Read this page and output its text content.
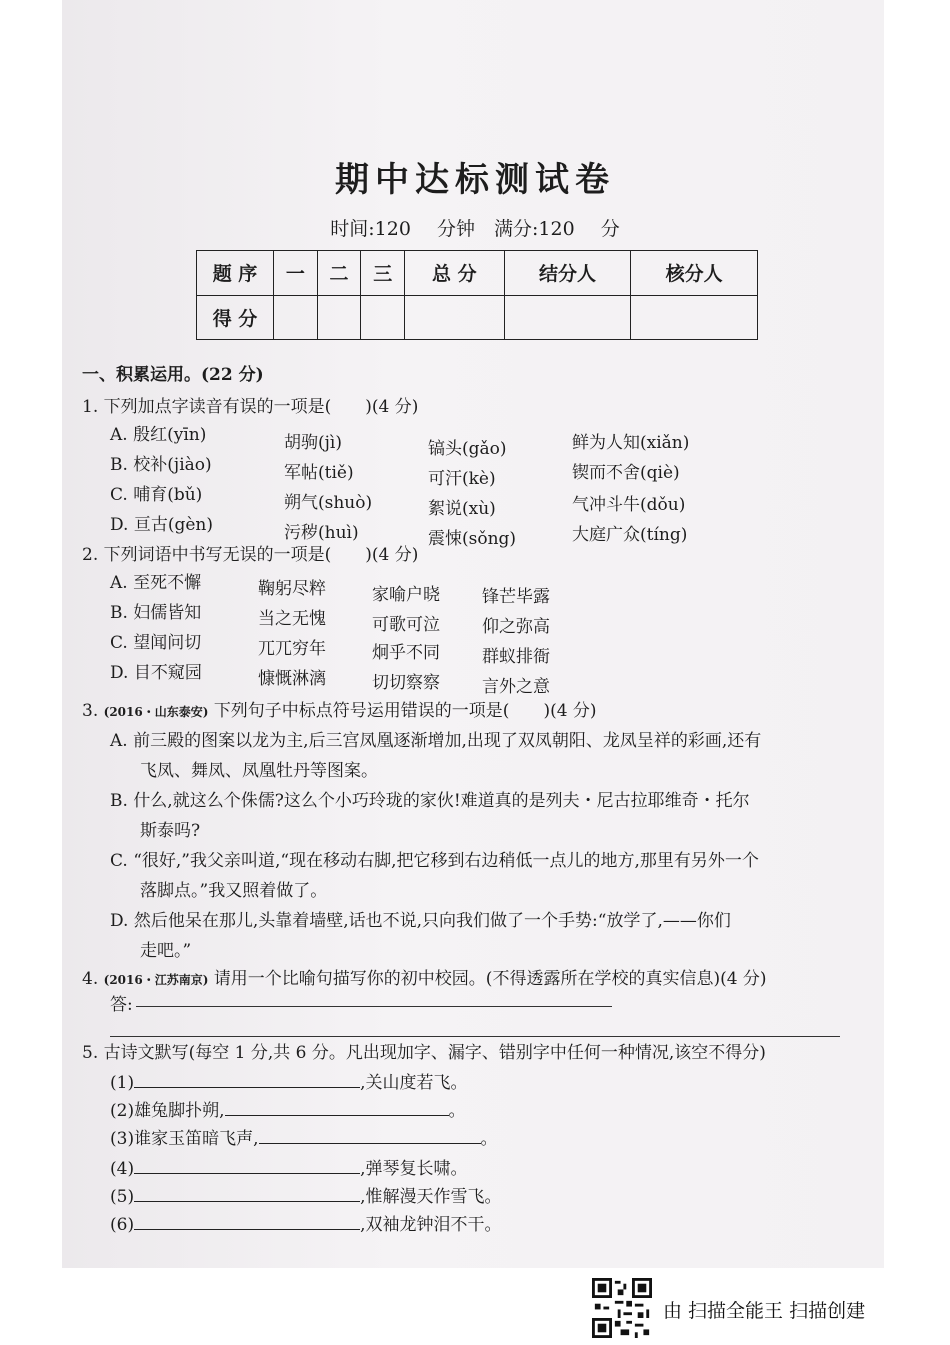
期中达标测试卷
时间:120 分钟　满分:120 分
题 序	一	二	三	总 分	结分人	核分人
得 分						
一、积累运用。(22 分)
1. 下列加点字读音有误的一项是(　　)(4 分)
A. 殷红(yīn)	胡驹(jì)	镐头(gǎo)	鲜为人知(xiǎn)
B. 校补(jiào)	军帖(tiě)	可汗(kè)	锲而不舍(qiè)
C. 哺育(bǔ)	朔气(shuò)	絮说(xù)	气冲斗牛(dǒu)
D. 亘古(gèn)	污秽(huì)	震悚(sǒng)	大庭广众(tíng)
2. 下列词语中书写无误的一项是(　　)(4 分)
A. 至死不懈	鞠躬尽粹	家喻户晓 锋芒毕露
B. 妇儒皆知	当之无愧	可歌可泣 仰之弥高
C. 望闻问切	兀兀穷年	炯乎不同 群蚁排衙
D. 目不窥园	慷慨淋漓	切切察察 言外之意
3. (2016・山东泰安) 下列句子中标点符号运用错误的一项是(　　)(4 分)
A. 前三殿的图案以龙为主,后三宫凤凰逐渐增加,出现了双凤朝阳、龙凤呈祥的彩画,还有
飞凤、舞凤、凤凰牡丹等图案。
B. 什么,就这么个侏儒?这么个小巧玲珑的家伙!难道真的是列夫・尼古拉耶维奇・托尔
斯泰吗?
C. “很好,”我父亲叫道,“现在移动右脚,把它移到右边稍低一点儿的地方,那里有另外一个
落脚点。”我又照着做了。
D. 然后他呆在那儿,头靠着墙壁,话也不说,只向我们做了一个手势:“放学了,——你们
走吧。”
4. (2016・江苏南京) 请用一个比喻句描写你的初中校园。(不得透露所在学校的真实信息)(4 分)
答:
5. 古诗文默写(每空 1 分,共 6 分。凡出现加字、漏字、错别字中任何一种情况,该空不得分)
(1)	,关山度若飞。
(2)雄兔脚扑朔,	。
(3)谁家玉笛暗飞声,	。
(4)	,弹琴复长啸。
(5)	,惟解漫天作雪飞。
(6)	,双袖龙钟泪不干。
由 扫描全能王 扫描创建
